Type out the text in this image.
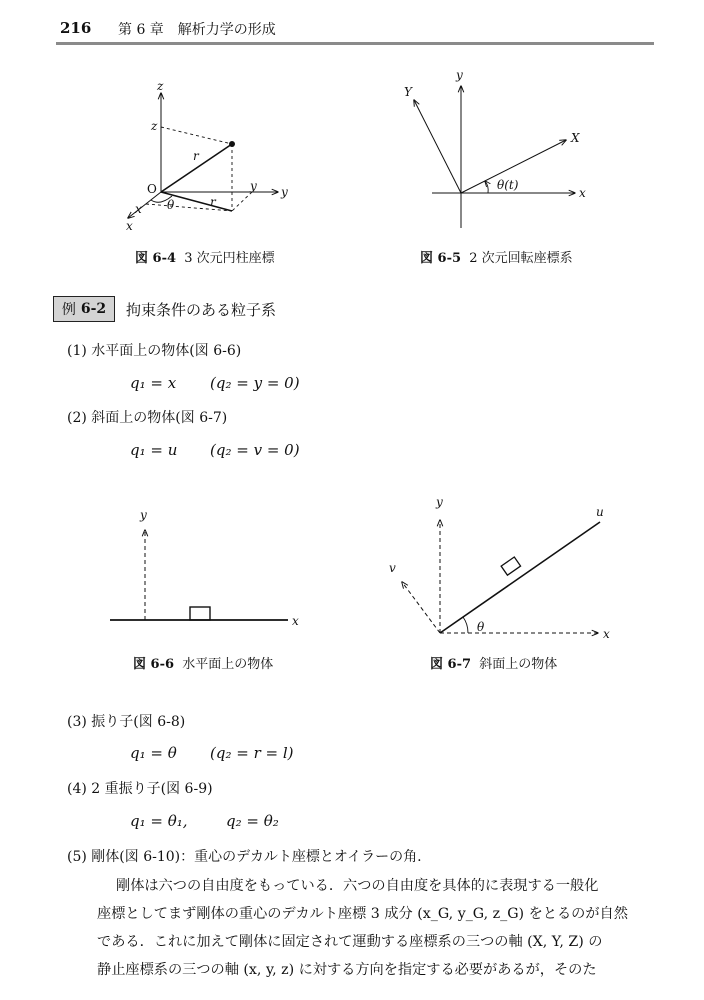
216 第 6 章　解析力学の形成
z
z
r
O	y y
θ	r
x
x
y
Y
X
θ(t)
x
y
x
y
u
v
θ	x
図 6-4 3 次元円柱座標	図 6-5 2 次元回転座標系
図 6-6 水平面上の物体	図 6-7 斜面上の物体
例 6-2 拘束条件のある粒子系
(1) 水平面上の物体(図 6-6)
q₁ = x (q₂ = y = 0)
(2) 斜面上の物体(図 6-7)
q₁ = u (q₂ = v = 0)
(3) 振り子(図 6-8)
q₁ = θ (q₂ = r = l)
(4) 2 重振り子(図 6-9)
q₁ = θ₁,	q₂ = θ₂
(5) 剛体(図 6-10)：重心のデカルト座標とオイラーの角.
剛体は六つの自由度をもっている．六つの自由度を具体的に表現する一般化
座標としてまず剛体の重心のデカルト座標 3 成分 (x_G, y_G, z_G) をとるのが自然
である．これに加えて剛体に固定されて運動する座標系の三つの軸 (X, Y, Z) の
静止座標系の三つの軸 (x, y, z) に対する方向を指定する必要があるが，そのた
